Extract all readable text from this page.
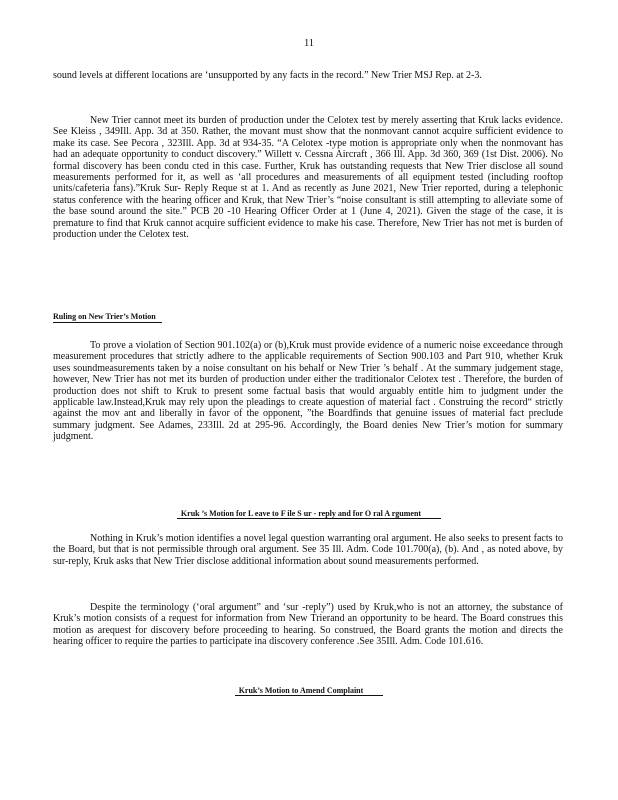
11

sound levels at different locations are ‘unsupported by any facts in the record.” New Trier MSJ Rep. at 2-3.

New Trier cannot meet its burden of production under the Celotex test by merely asserting that Kruk lacks evidence. See Kleiss , 349Ill. App. 3d at 350. Rather, the movant must show that the nonmovant cannot acquire sufficient evidence to make its case. See Pecora , 323Ill. App. 3d at 934-35. “A Celotex -type motion is appropriate only when the nonmovant has had an adequate opportunity to conduct discovery.” Willett v. Cessna Aircraft , 366 Ill. App. 3d 360, 369 (1st Dist. 2006). No formal discovery has been condu cted in this case. Further, Kruk has outstanding requests that New Trier disclose all sound measurements performed for it, as well as ‘all procedures and measurements of all equipment tested (including rooftop units/cafeteria fans).”Kruk Sur- Reply Reque st at 1. And as recently as June 2021, New Trier reported, during a telephonic status conference with the hearing officer and Kruk, that New Trier’s “noise consultant is still attempting to alleviate some of the base sound around the site.” PCB 20 -10 Hearing Officer Order at 1 (June 4, 2021). Given the stage of the case, it is premature to find that Kruk cannot acquire sufficient evidence to make his case. Therefore, New Trier has not met is burden of production under the Celotex test.

Ruling on New Trier’s Motion

To prove a violation of Section 901.102(a) or (b),Kruk must provide evidence of a numeric noise exceedance through measurement procedures that strictly adhere to the applicable requirements of Section 900.103 and Part 910, whether Kruk uses soundmeasurements taken by a noise consultant on his behalf or New Trier ’s behalf . At the summary judgement stage, however, New Trier has not met its burden of production under either the traditionalor Celotex test . Therefore, the burden of production does not shift to Kruk to present some factual basis that would arguably entitle him to judgment under the applicable law.Instead,Kruk may rely upon the pleadings to create aquestion of material fact . Construing the record“ strictly against the mov ant and liberally in favor of the opponent, ”the Boardfinds that genuine issues of material fact preclude summary judgment. See Adames, 233Ill. 2d at 295-96. Accordingly, the Board denies New Trier’s motion for summary judgment.

Kruk ’s Motion for L eave to F ile S ur - reply and for O ral A rgument

Nothing in Kruk’s motion identifies a novel legal question warranting oral argument. He also seeks to present facts to the Board, but that is not permissible through oral argument. See 35 Ill. Adm. Code 101.700(a), (b). And , as noted above, by sur-reply, Kruk asks that New Trier disclose additional information about sound measurements performed.

Despite the terminology (‘oral argument” and ‘sur -reply”) used by Kruk,who is not an attorney, the substance of Kruk’s motion consists of a request for information from New Trierand an opportunity to be heard. The Board construes this motion as arequest for discovery before proceeding to hearing. So construed, the Board grants the motion and directs the hearing officer to require the parties to participate ina discovery conference .See 35Ill. Adm. Code 101.616.

Kruk’s Motion to Amend Complaint
